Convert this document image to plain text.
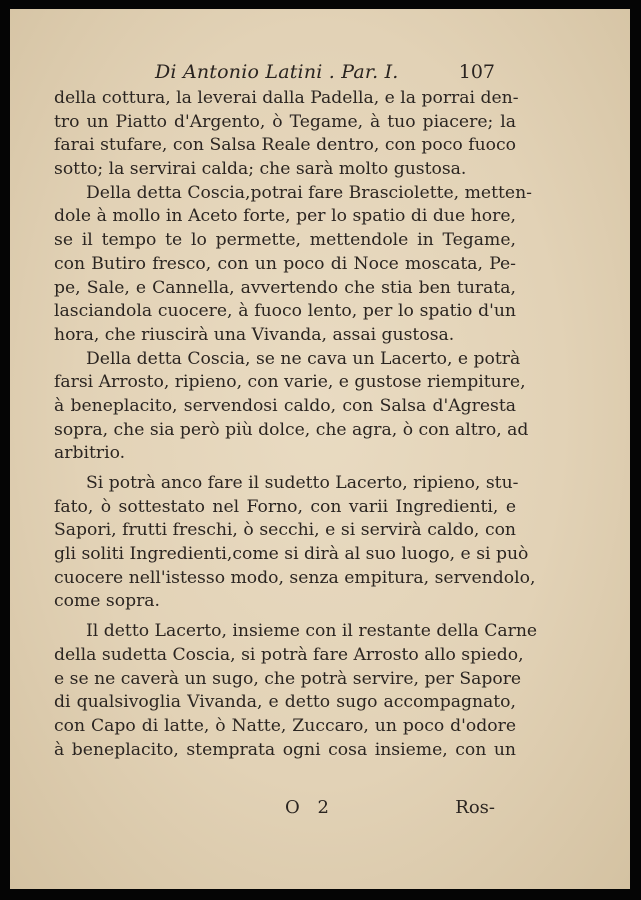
Di Antonio Latini . Par. I.	107
della cottura, la leverai dalla Padella, e la porrai den-
tro un Piatto d'Argento, ò Tegame, à tuo piacere; la
farai stufare, con Salsa Reale dentro, con poco fuoco
sotto; la servirai calda; che sarà molto gustosa.
Della detta Coscia,potrai fare Brasciolette, metten-
dole à mollo in Aceto forte, per lo spatio di due hore,
se il tempo te lo permette, mettendole in Tegame,
con Butiro fresco, con un poco di Noce moscata, Pe-
pe, Sale, e Cannella, avvertendo che stia ben turata,
lasciandola cuocere, à fuoco lento, per lo spatio d'un
hora, che riuscirà una Vivanda, assai gustosa.
Della detta Coscia, se ne cava un Lacerto, e potrà
farsi Arrosto, ripieno, con varie, e gustose riempiture,
à beneplacito, servendosi caldo, con Salsa d'Agresta
sopra, che sia però più dolce, che agra, ò con altro, ad
arbitrio.
Si potrà anco fare il sudetto Lacerto, ripieno, stu-
fato, ò sottestato nel Forno, con varii Ingredienti, e
Sapori, frutti freschi, ò secchi, e si servirà caldo, con
gli soliti Ingredienti,come si dirà al suo luogo, e si può
cuocere nell'istesso modo, senza empitura, servendolo,
come sopra.
Il detto Lacerto, insieme con il restante della Carne
della sudetta Coscia, si potrà fare Arrosto allo spiedo,
e se ne caverà un sugo, che potrà servire, per Sapore
di qualsivoglia Vivanda, e detto sugo accompagnato,
con Capo di latte, ò Natte, Zuccaro, un poco d'odore
à beneplacito, stemprata ogni cosa insieme, con un
O 2	Ros-
